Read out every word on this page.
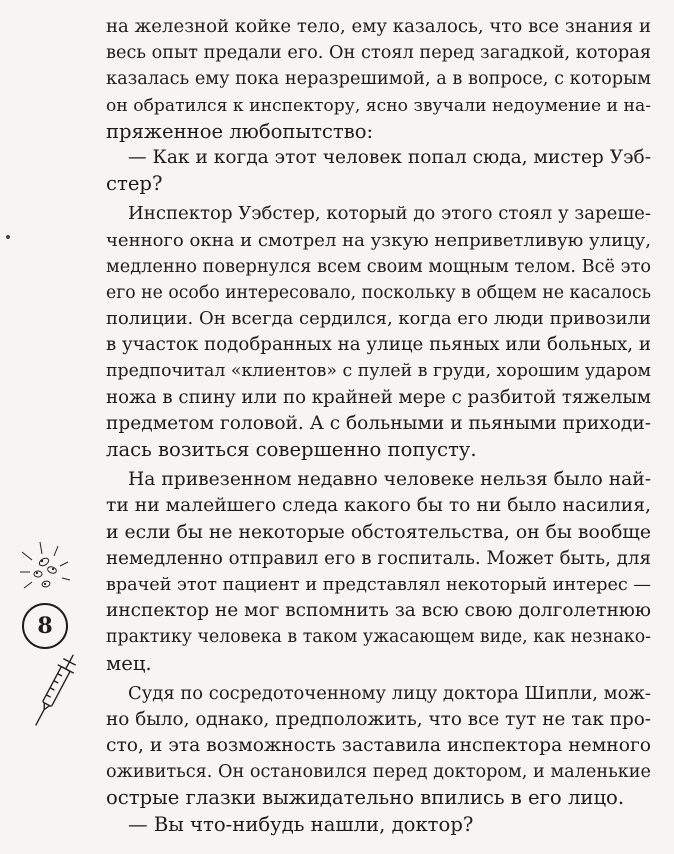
на железной койке тело, ему казалось, что все знания и
весь опыт предали его. Он стоял перед загадкой, которая
казалась ему пока неразрешимой, а в вопросе, с которым
он обратился к инспектору, ясно звучали недоумение и на-
пряженное любопытство:
— Как и когда этот человек попал сюда, мистер Уэб-
стер?
Инспектор Уэбстер, который до этого стоял у зареше-
ченного окна и смотрел на узкую неприветливую улицу,
медленно повернулся всем своим мощным телом. Всё это
его не особо интересовало, поскольку в общем не касалось
полиции. Он всегда сердился, когда его люди привозили
в участок подобранных на улице пьяных или больных, и
предпочитал «клиентов» с пулей в груди, хорошим ударом
ножа в спину или по крайней мере с разбитой тяжелым
предметом головой. А с больными и пьяными приходи-
лась возиться совершенно попусту.
На привезенном недавно человеке нельзя было най-
ти ни малейшего следа какого бы то ни было насилия,
и если бы не некоторые обстоятельства, он бы вообще
немедленно отправил его в госпиталь. Может быть, для
врачей этот пациент и представлял некоторый интерес —
инспектор не мог вспомнить за всю свою долголетнюю
практику человека в таком ужасающем виде, как незнако-
мец.
Судя по сосредоточенному лицу доктора Шипли, мож-
но было, однако, предположить, что все тут не так про-
сто, и эта возможность заставила инспектора немного
оживиться. Он остановился перед доктором, и маленькие
острые глазки выжидательно впились в его лицо.
— Вы что-нибудь нашли, доктор?
8
